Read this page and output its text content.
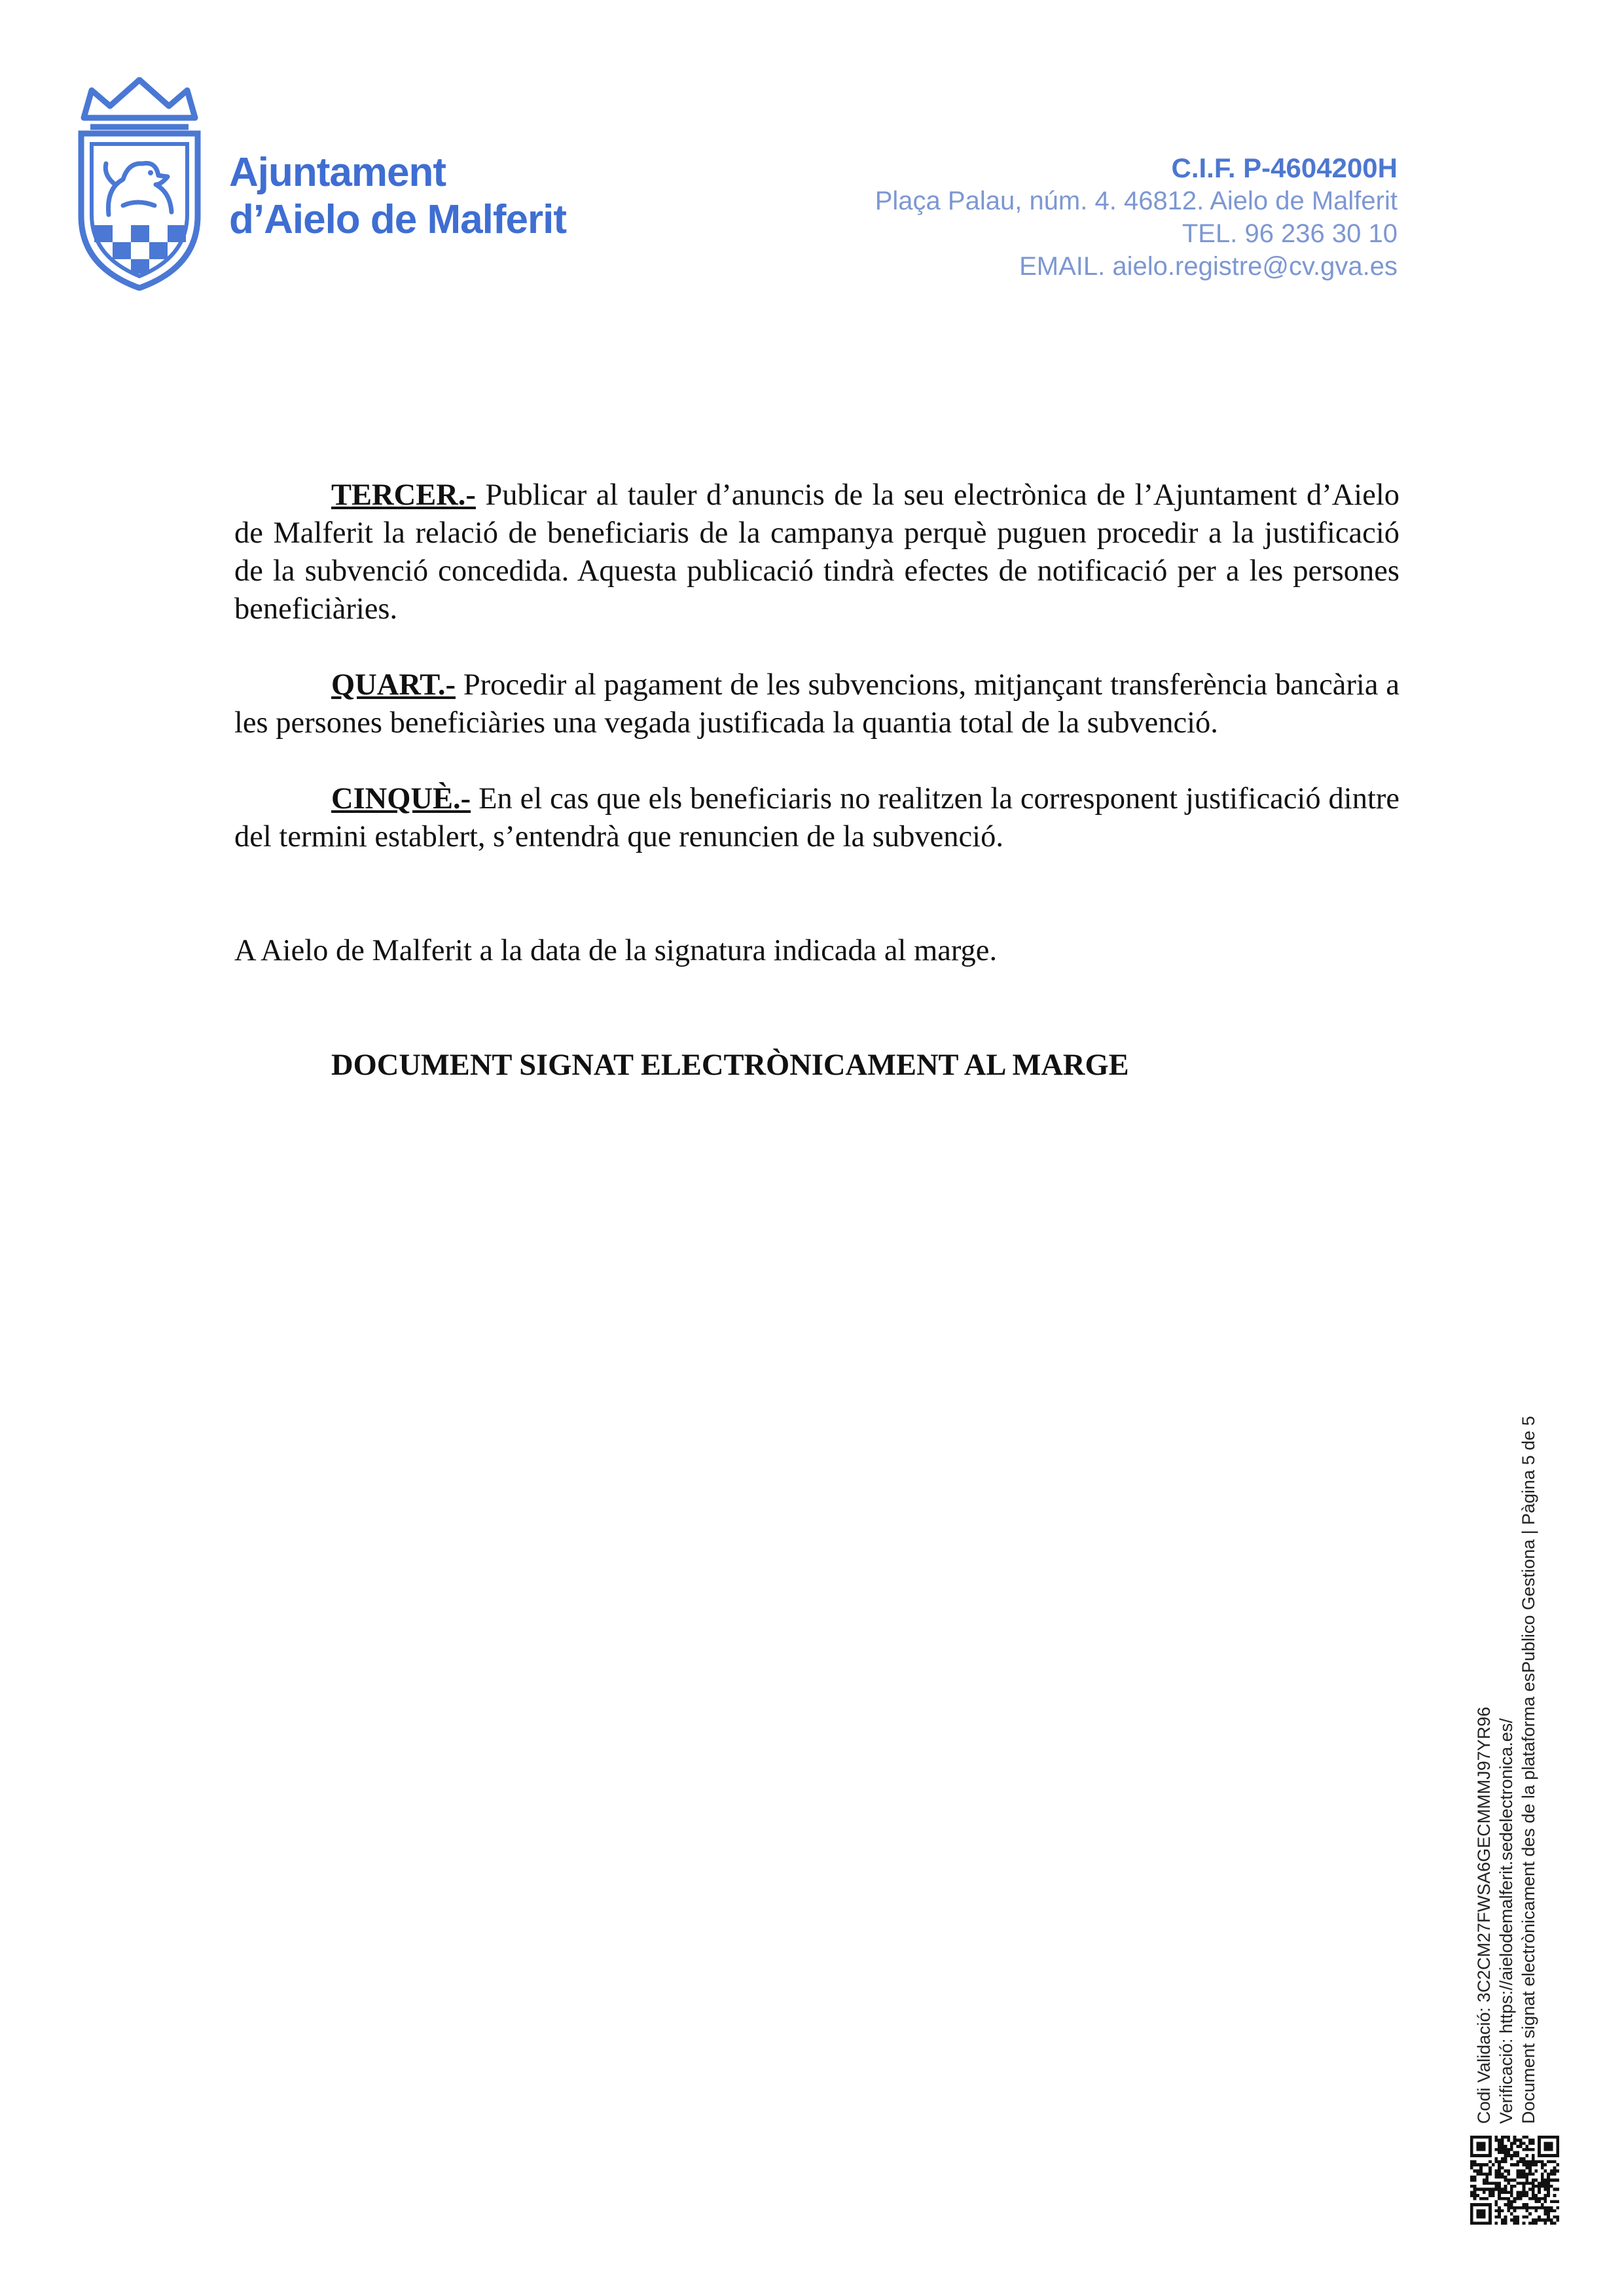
Ajuntament
d’Aielo de Malferit
C.I.F. P-4604200H
Plaça Palau, núm. 4. 46812. Aielo de Malferit
TEL. 96 236 30 10
EMAIL. aielo.registre@cv.gva.es

TERCER.- Publicar al tauler d’anuncis de la seu electrònica de l’Ajuntament d’Aielo de Malferit la relació de beneficiaris de la campanya perquè puguen procedir a la justificació de la subvenció concedida. Aquesta publicació tindrà efectes de notificació per a les persones beneficiàries.

QUART.- Procedir al pagament de les subvencions, mitjançant transferència bancària a les persones beneficiàries una vegada justificada la quantia total de la subvenció.

CINQUÈ.- En el cas que els beneficiaris no realitzen la corresponent justificació dintre del termini establert, s’entendrà que renuncien de la subvenció.

A Aielo de Malferit a la data de la signatura indicada al marge.

DOCUMENT SIGNAT ELECTRÒNICAMENT AL MARGE

Codi Validació: 3C2CM27FWSA6GECMMMJ97YR96 Verificació: https://aielodemalferit.sedelectronica.es/ Document signat electrònicament des de la plataforma esPublico Gestiona | Pàgina 5 de 5
